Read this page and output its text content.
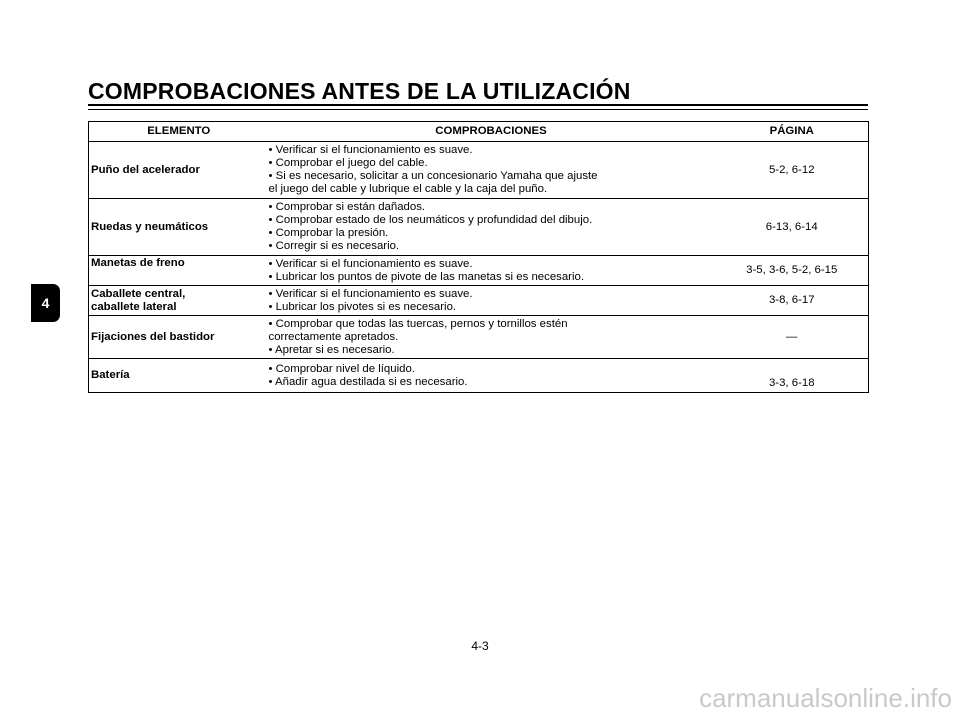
COMPROBACIONES ANTES DE LA UTILIZACIÓN
4
ELEMENTO	COMPROBACIONES	PÁGINA

Puño del acelerador	• Verificar si el funcionamiento es suave.
• Comprobar el juego del cable.
• Si es necesario, solicitar a un concesionario Yamaha que ajuste
el juego del cable y lubrique el cable y la caja del puño.	5-2, 6-12

Ruedas y neumáticos	• Comprobar si están dañados.
• Comprobar estado de los neumáticos y profundidad del dibujo.
• Comprobar la presión.
• Corregir si es necesario.	6-13, 6-14

Manetas de freno	• Verificar si el funcionamiento es suave.
• Lubricar los puntos de pivote de las manetas si es necesario.	3-5, 3-6, 5-2, 6-15

Caballete central,
caballete lateral	• Verificar si el funcionamiento es suave.
• Lubricar los pivotes si es necesario.	3-8, 6-17

Fijaciones del bastidor	• Comprobar que todas las tuercas, pernos y tornillos estén
correctamente apretados.
• Apretar si es necesario.	—

Batería	• Comprobar nivel de líquido.
• Añadir agua destilada si es necesario.	3-3, 6-18
4-3
carmanualsonline.info
